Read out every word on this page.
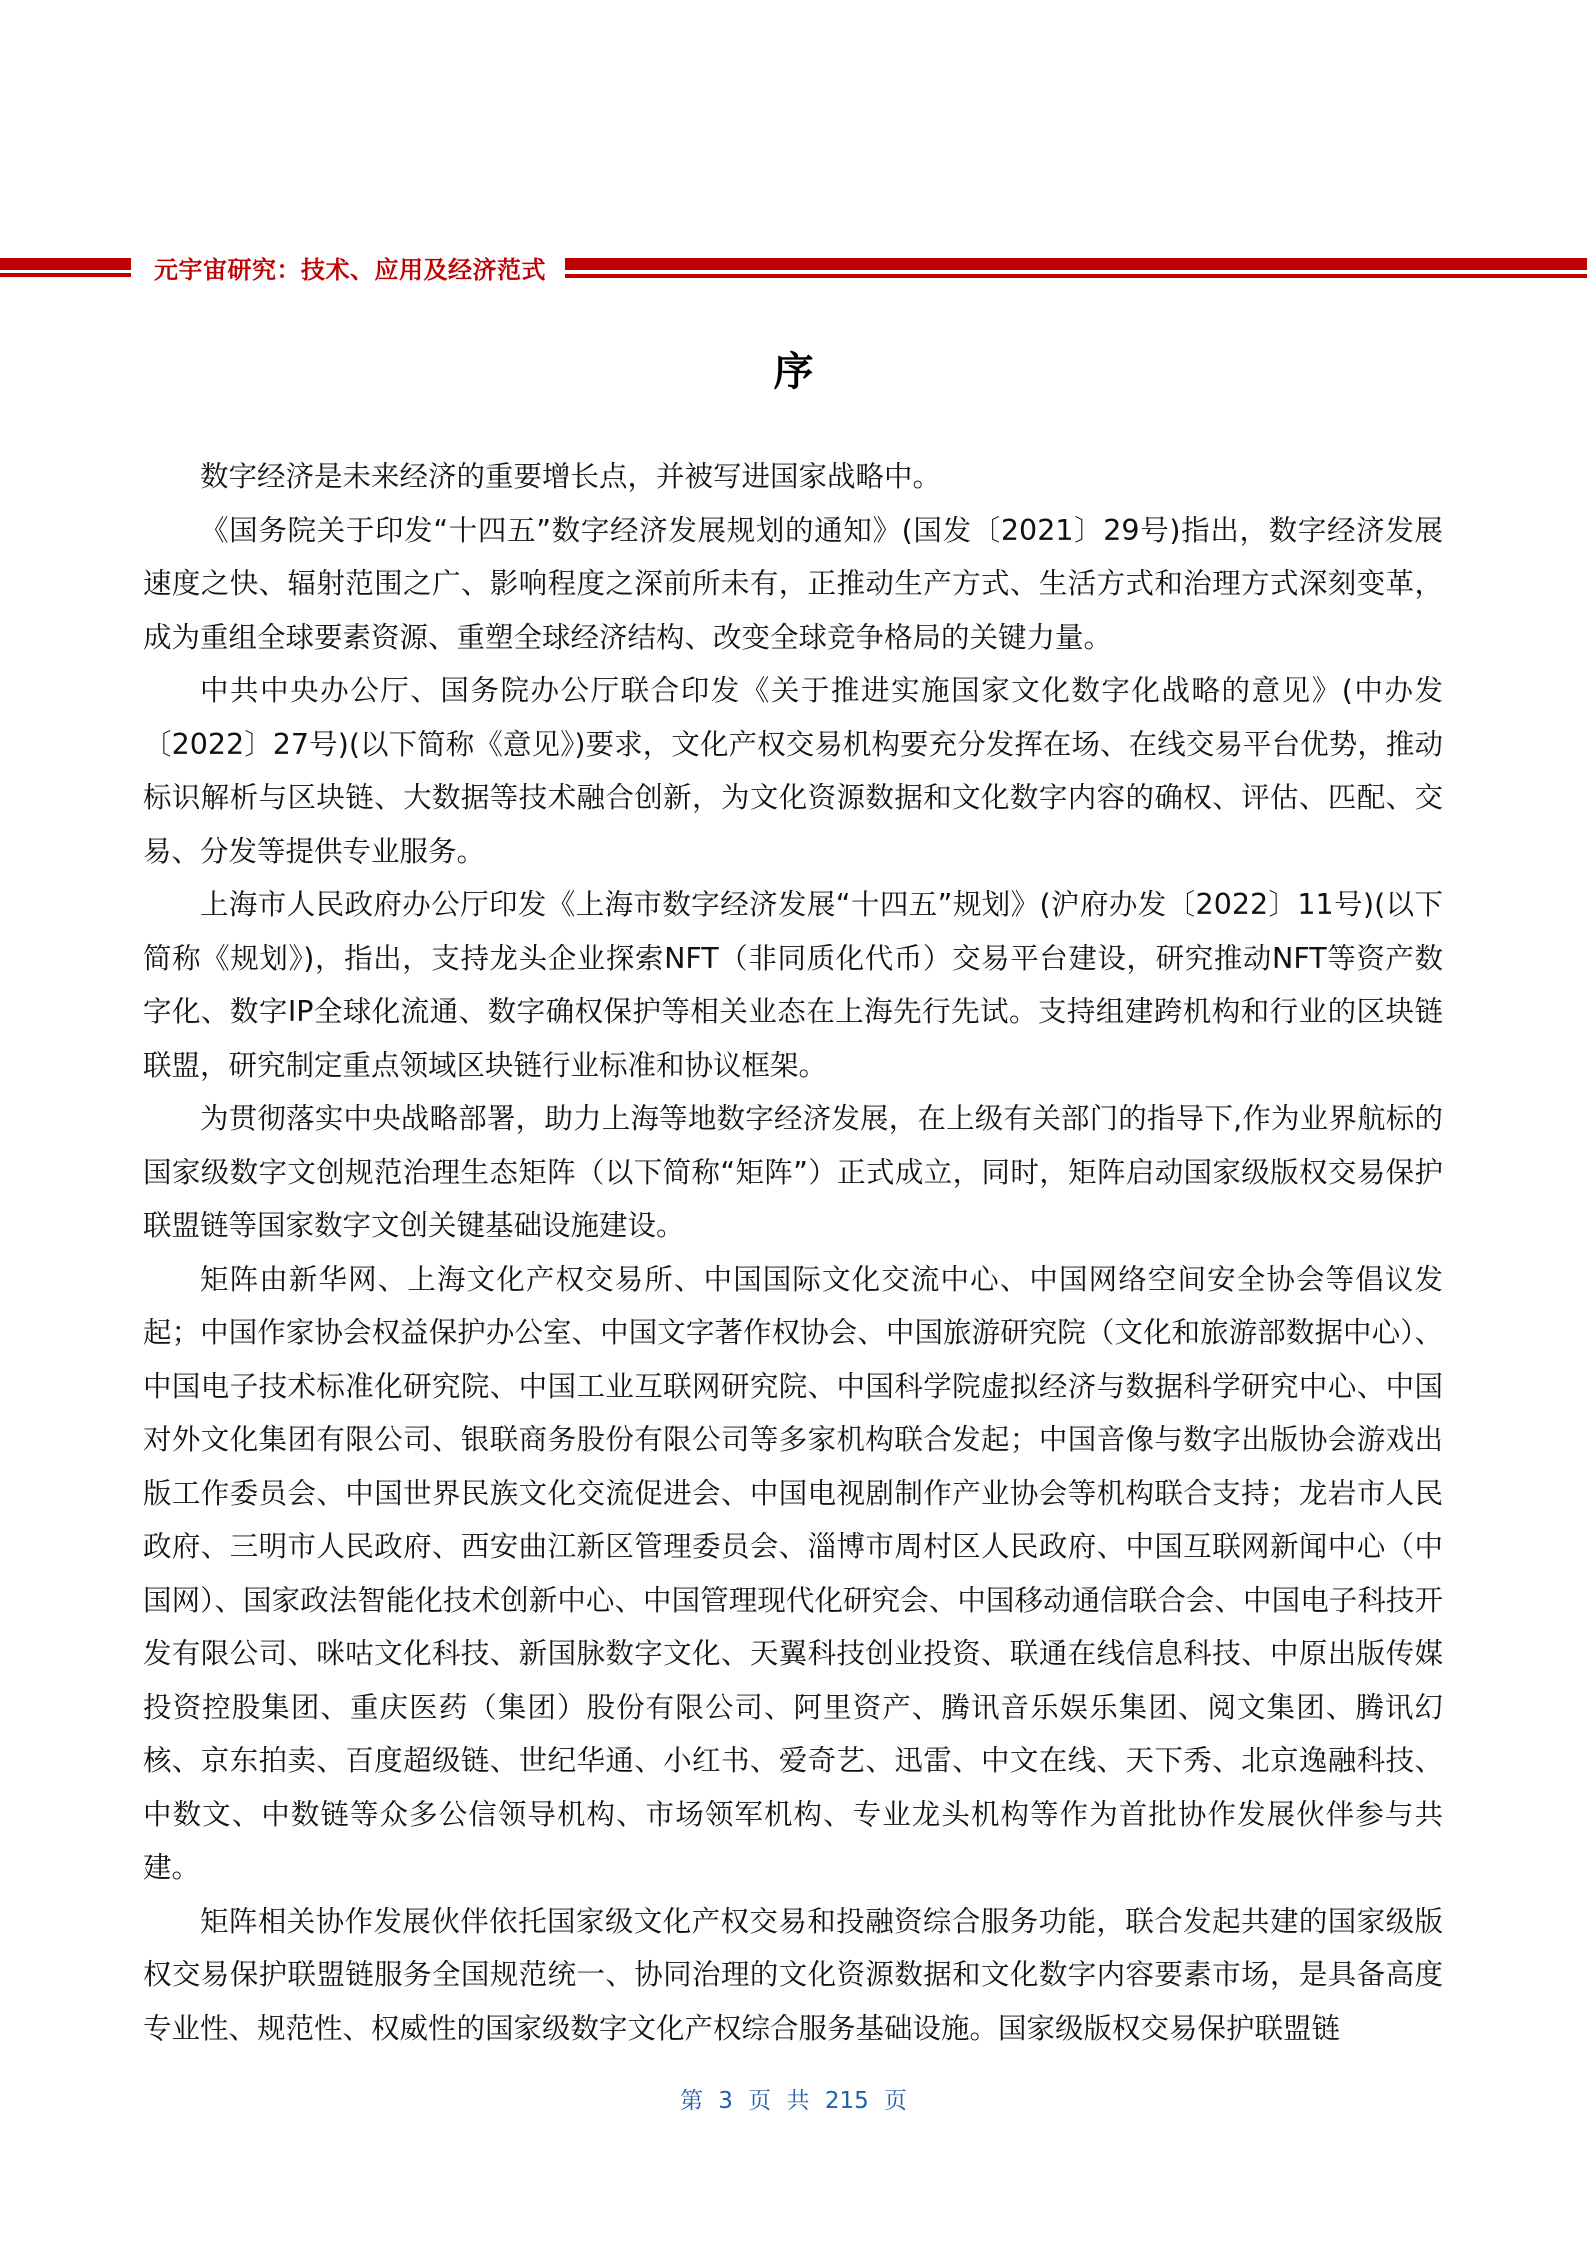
元宇宙研究：技术、应用及经济范式
序

数字经济是未来经济的重要增长点，并被写进国家战略中。

《国务院关于印发“十四五”数字经济发展规划的通知》(国发〔2021〕29号)指出，数字经济发展速度之快、辐射范围之广、影响程度之深前所未有，正推动生产方式、生活方式和治理方式深刻变革，成为重组全球要素资源、重塑全球经济结构、改变全球竞争格局的关键力量。

中共中央办公厅、国务院办公厅联合印发《关于推进实施国家文化数字化战略的意见》(中办发〔2022〕27号)(以下简称《意见》)要求，文化产权交易机构要充分发挥在场、在线交易平台优势，推动标识解析与区块链、大数据等技术融合创新，为文化资源数据和文化数字内容的确权、评估、匹配、交易、分发等提供专业服务。

上海市人民政府办公厅印发《上海市数字经济发展“十四五”规划》(沪府办发〔2022〕11号)(以下简称《规划》)，指出，支持龙头企业探索NFT（非同质化代币）交易平台建设，研究推动NFT等资产数字化、数字IP全球化流通、数字确权保护等相关业态在上海先行先试。支持组建跨机构和行业的区块链联盟，研究制定重点领域区块链行业标准和协议框架。

为贯彻落实中央战略部署，助力上海等地数字经济发展，在上级有关部门的指导下,作为业界航标的国家级数字文创规范治理生态矩阵（以下简称“矩阵”）正式成立，同时，矩阵启动国家级版权交易保护联盟链等国家数字文创关键基础设施建设。

矩阵由新华网、上海文化产权交易所、中国国际文化交流中心、中国网络空间安全协会等倡议发起；中国作家协会权益保护办公室、中国文字著作权协会、中国旅游研究院（文化和旅游部数据中心）、中国电子技术标准化研究院、中国工业互联网研究院、中国科学院虚拟经济与数据科学研究中心、中国对外文化集团有限公司、银联商务股份有限公司等多家机构联合发起；中国音像与数字出版协会游戏出版工作委员会、中国世界民族文化交流促进会、中国电视剧制作产业协会等机构联合支持；龙岩市人民政府、三明市人民政府、西安曲江新区管理委员会、淄博市周村区人民政府、中国互联网新闻中心（中国网）、国家政法智能化技术创新中心、中国管理现代化研究会、中国移动通信联合会、中国电子科技开发有限公司、咪咕文化科技、新国脉数字文化、天翼科技创业投资、联通在线信息科技、中原出版传媒投资控股集团、重庆医药（集团）股份有限公司、阿里资产、腾讯音乐娱乐集团、阅文集团、腾讯幻核、京东拍卖、百度超级链、世纪华通、小红书、爱奇艺、迅雷、中文在线、天下秀、北京逸融科技、中数文、中数链等众多公信领导机构、市场领军机构、专业龙头机构等作为首批协作发展伙伴参与共建。

矩阵相关协作发展伙伴依托国家级文化产权交易和投融资综合服务功能，联合发起共建的国家级版权交易保护联盟链服务全国规范统一、协同治理的文化资源数据和文化数字内容要素市场，是具备高度专业性、规范性、权威性的国家级数字文化产权综合服务基础设施。国家级版权交易保护联盟链

第 3 页 共 215 页
